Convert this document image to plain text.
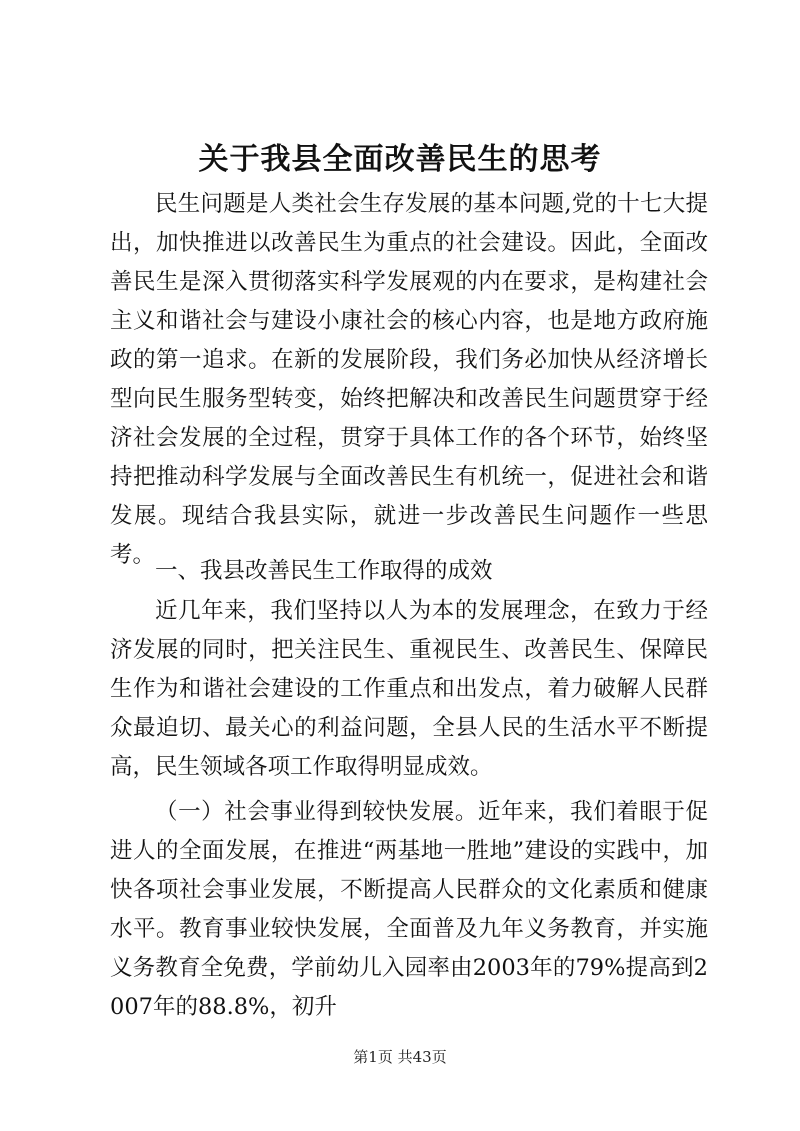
关于我县全面改善民生的思考

民生问题是人类社会生存发展的基本问题,党的十七大提出，加快推进以改善民生为重点的社会建设。因此，全面改善民生是深入贯彻落实科学发展观的内在要求，是构建社会主义和谐社会与建设小康社会的核心内容，也是地方政府施政的第一追求。在新的发展阶段，我们务必加快从经济增长型向民生服务型转变，始终把解决和改善民生问题贯穿于经济社会发展的全过程，贯穿于具体工作的各个环节，始终坚持把推动科学发展与全面改善民生有机统一，促进社会和谐发展。现结合我县实际，就进一步改善民生问题作一些思考。

一、我县改善民生工作取得的成效

近几年来，我们坚持以人为本的发展理念，在致力于经济发展的同时，把关注民生、重视民生、改善民生、保障民生作为和谐社会建设的工作重点和出发点，着力破解人民群众最迫切、最关心的利益问题，全县人民的生活水平不断提高，民生领域各项工作取得明显成效。

（一）社会事业得到较快发展。近年来，我们着眼于促进人的全面发展，在推进“两基地一胜地”建设的实践中，加快各项社会事业发展，不断提高人民群众的文化素质和健康水平。教育事业较快发展，全面普及九年义务教育，并实施义务教育全免费，学前幼儿入园率由2003年的79%提高到2007年的88.8%，初升

第1页 共43页
